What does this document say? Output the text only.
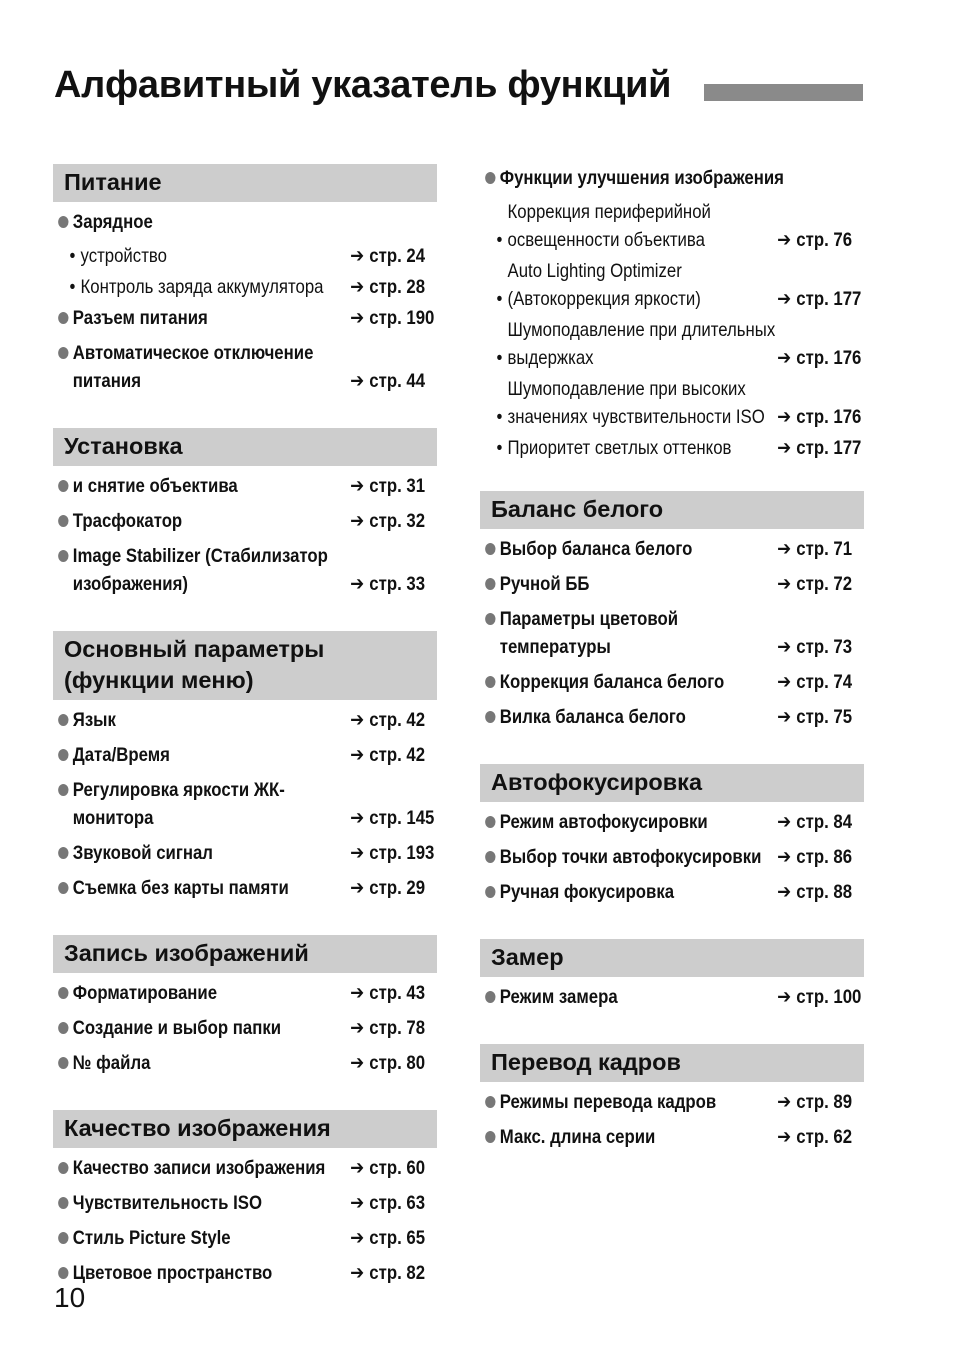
Алфавитный указатель функций
Питание
Зарядное
• устройство	➔ стр. 24
• Контроль заряда аккумулятора	➔ стр. 28
Разъем питания	➔ стр. 190
Автоматическое отключение питания	➔ стр. 44
Установка
и снятие объектива	➔ стр. 31
Трасфокатор	➔ стр. 32
Image Stabilizer (Стабилизатор изображения)	➔ стр. 33
Основный параметры (функции меню)
Язык	➔ стр. 42
Дата/Время	➔ стр. 42
Регулировка яркости ЖК-монитора	➔ стр. 145
Звуковой сигнал	➔ стр. 193
Съемка без карты памяти	➔ стр. 29
Запись изображений
Форматирование	➔ стр. 43
Создание и выбор папки	➔ стр. 78
№ файла	➔ стр. 80
Качество изображения
Качество записи изображения	➔ стр. 60
Чувствительность ISO	➔ стр. 63
Стиль Picture Style	➔ стр. 65
Цветовое пространство	➔ стр. 82
Функции улучшения изображения
•
Коррекция периферийной освещенности объектива	➔ стр. 76
•
Auto Lighting Optimizer (Автокоррекция яркости)	➔ стр. 177
•
Шумоподавление при длительных выдержках	➔ стр. 176
•
Шумоподавление при высоких значениях чувствительности ISO ➔ стр. 176
• Приоритет светлых оттенков	➔ стр. 177
Баланс белого
Выбор баланса белого	➔ стр. 71
Ручной ББ	➔ стр. 72
Параметры цветовой температуры	➔ стр. 73
Коррекция баланса белого	➔ стр. 74
Вилка баланса белого	➔ стр. 75
Автофокусировка
Режим автофокусировки	➔ стр. 84
Выбор точки автофокусировки ➔ стр. 86
Ручная фокусировка	➔ стр. 88
Замер
Режим замера	➔ стр. 100
Перевод кадров
Режимы перевода кадров	➔ стр. 89
Макс. длина серии	➔ стр. 62
10
